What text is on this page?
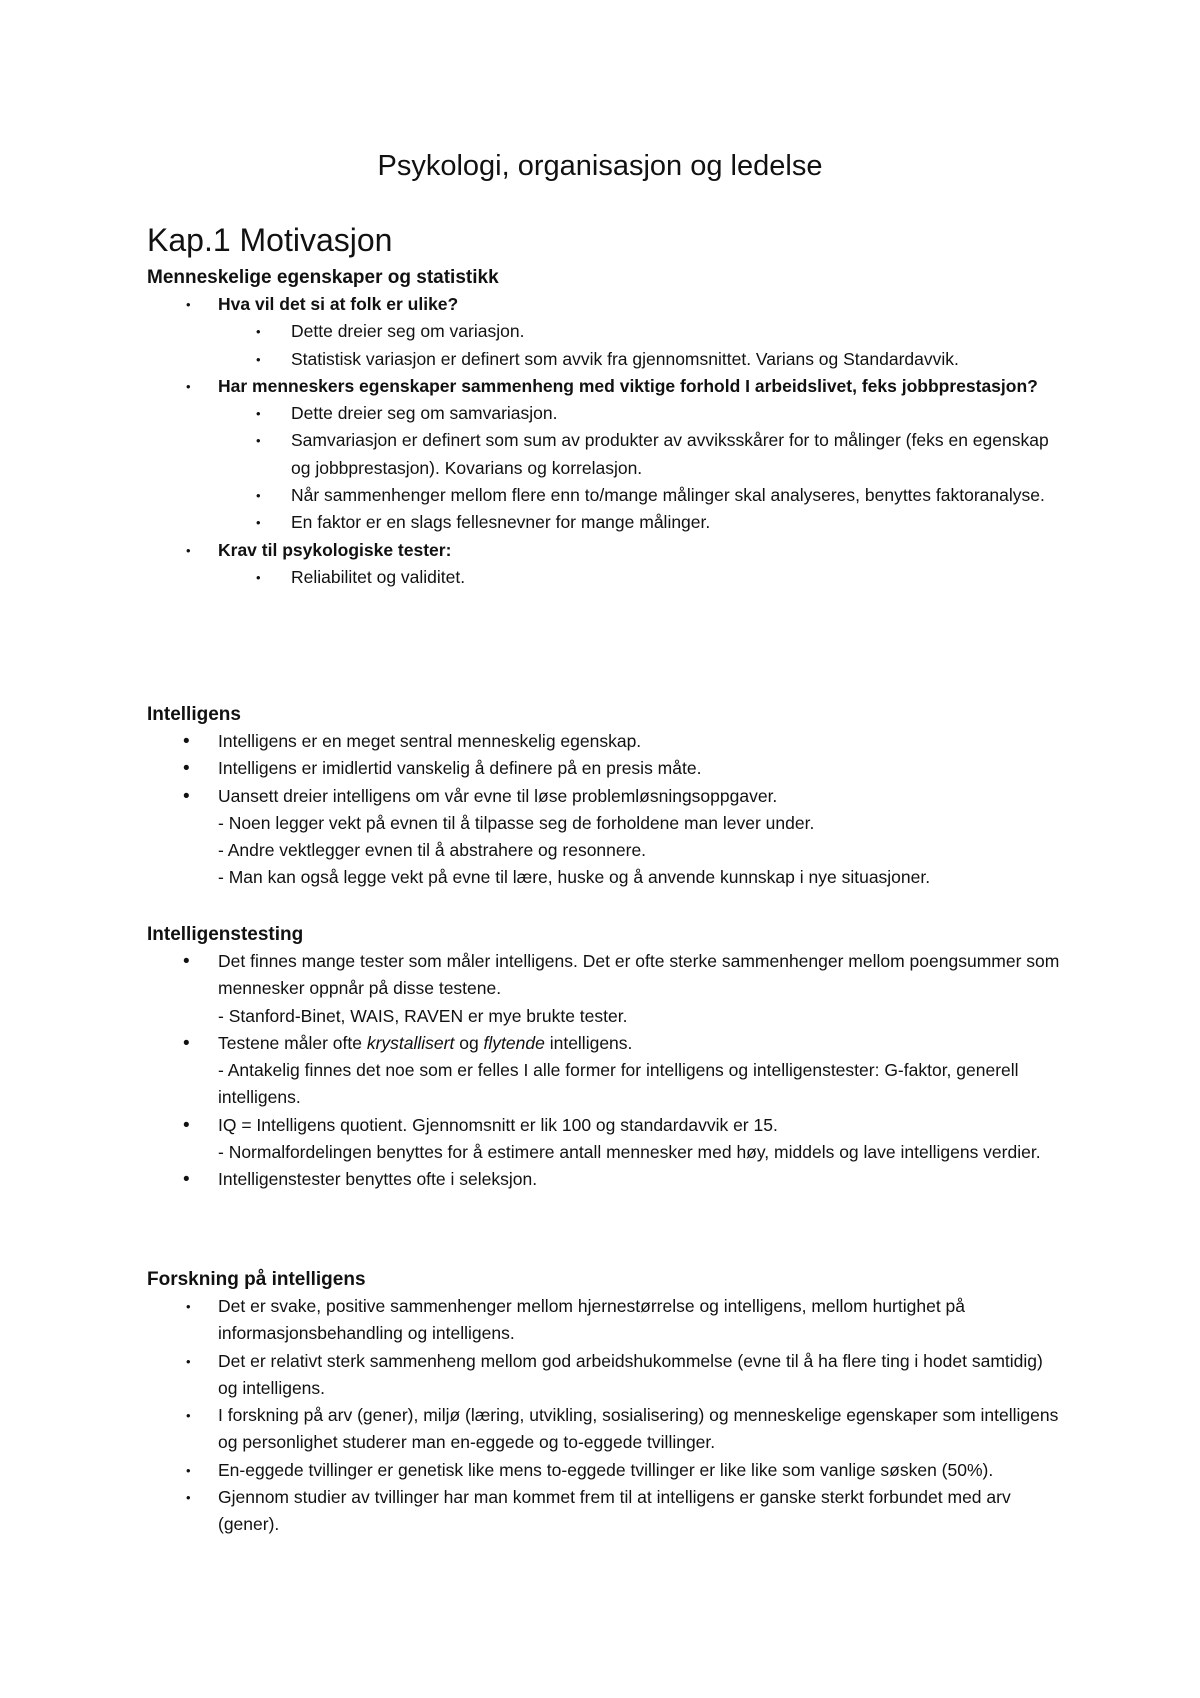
Psykologi, organisasjon og ledelse
Kap.1 Motivasjon
Menneskelige egenskaper og statistikk
• Hva vil det si at folk er ulike?
• Dette dreier seg om variasjon.
• Statistisk variasjon er definert som avvik fra gjennomsnittet. Varians og Standardavvik.
• Har menneskers egenskaper sammenheng med viktige forhold I arbeidslivet, feks jobbprestasjon?
• Dette dreier seg om samvariasjon.
• Samvariasjon er definert som sum av produkter av avviksskårer for to målinger (feks en egenskap og jobbprestasjon). Kovarians og korrelasjon.
• Når sammenhenger mellom flere enn to/mange målinger skal analyseres, benyttes faktoranalyse.
• En faktor er en slags fellesnevner for mange målinger.
• Krav til psykologiske tester:
• Reliabilitet og validitet.
Intelligens
• Intelligens er en meget sentral menneskelig egenskap.
• Intelligens er imidlertid vanskelig å definere på en presis måte.
• Uansett dreier intelligens om vår evne til løse problemløsningsoppgaver.
- Noen legger vekt på evnen til å tilpasse seg de forholdene man lever under.
- Andre vektlegger evnen til å abstrahere og resonnere.
- Man kan også legge vekt på evne til lære, huske og å anvende kunnskap i nye situasjoner.
Intelligenstesting
• Det finnes mange tester som måler intelligens. Det er ofte sterke sammenhenger mellom poengsummer som mennesker oppnår på disse testene.
- Stanford-Binet, WAIS, RAVEN er mye brukte tester.
• Testene måler ofte krystallisert og flytende intelligens.
- Antakelig finnes det noe som er felles I alle former for intelligens og intelligenstester: G-faktor, generell intelligens.
• IQ = Intelligens quotient. Gjennomsnitt er lik 100 og standardavvik er 15.
- Normalfordelingen benyttes for å estimere antall mennesker med høy, middels og lave intelligens verdier.
• Intelligenstester benyttes ofte i seleksjon.
Forskning på intelligens
• Det er svake, positive sammenhenger mellom hjernestørrelse og intelligens, mellom hurtighet på informasjonsbehandling og intelligens.
• Det er relativt sterk sammenheng mellom god arbeidshukommelse (evne til å ha flere ting i hodet samtidig) og intelligens.
• I forskning på arv (gener), miljø (læring, utvikling, sosialisering) og menneskelige egenskaper som intelligens og personlighet studerer man en-eggede og to-eggede tvillinger.
• En-eggede tvillinger er genetisk like mens to-eggede tvillinger er like like som vanlige søsken (50%).
• Gjennom studier av tvillinger har man kommet frem til at intelligens er ganske sterkt forbundet med arv (gener).
